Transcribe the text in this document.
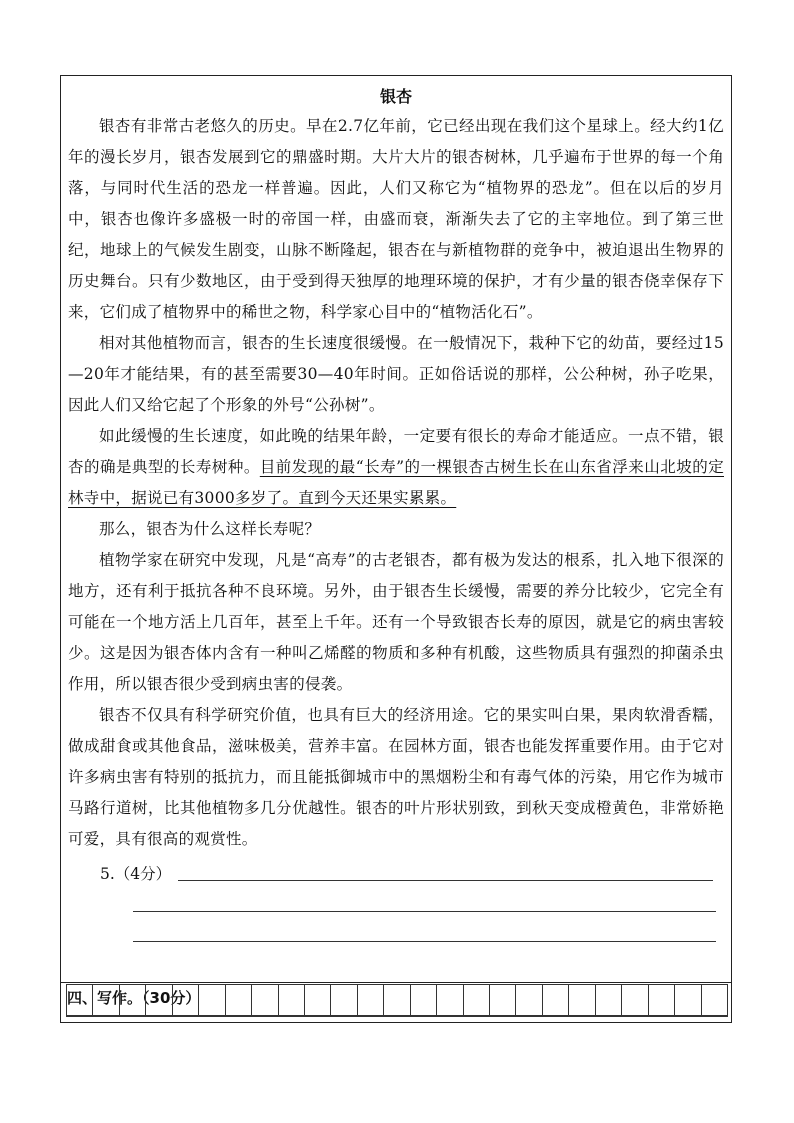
银杏

银杏有非常古老悠久的历史。早在2.7亿年前，它已经出现在我们这个星球上。经大约1亿年的漫长岁月，银杏发展到它的鼎盛时期。大片大片的银杏树林，几乎遍布于世界的每一个角落，与同时代生活的恐龙一样普遍。因此，人们又称它为“植物界的恐龙”。但在以后的岁月中，银杏也像许多盛极一时的帝国一样，由盛而衰，渐渐失去了它的主宰地位。到了第三世纪，地球上的气候发生剧变，山脉不断隆起，银杏在与新植物群的竞争中，被迫退出生物界的历史舞台。只有少数地区，由于受到得天独厚的地理环境的保护，才有少量的银杏侥幸保存下来，它们成了植物界中的稀世之物，科学家心目中的“植物活化石”。

相对其他植物而言，银杏的生长速度很缓慢。在一般情况下，栽种下它的幼苗，要经过15—20年才能结果，有的甚至需要30—40年时间。正如俗话说的那样，公公种树，孙子吃果，因此人们又给它起了个形象的外号“公孙树”。

如此缓慢的生长速度，如此晚的结果年龄，一定要有很长的寿命才能适应。一点不错，银杏的确是典型的长寿树种。目前发现的最“长寿”的一棵银杏古树生长在山东省浮来山北坡的定林寺中，据说已有3000多岁了。直到今天还果实累累。

那么，银杏为什么这样长寿呢？

植物学家在研究中发现，凡是“高寿”的古老银杏，都有极为发达的根系，扎入地下很深的地方，还有利于抵抗各种不良环境。另外，由于银杏生长缓慢，需要的养分比较少，它完全有可能在一个地方活上几百年，甚至上千年。还有一个导致银杏长寿的原因，就是它的病虫害较少。这是因为银杏体内含有一种叫乙烯醛的物质和多种有机酸，这些物质具有强烈的抑菌杀虫作用，所以银杏很少受到病虫害的侵袭。

银杏不仅具有科学研究价值，也具有巨大的经济用途。它的果实叫白果，果肉软滑香糯，做成甜食或其他食品，滋味极美，营养丰富。在园林方面，银杏也能发挥重要作用。由于它对许多病虫害有特别的抵抗力，而且能抵御城市中的黑烟粉尘和有毒气体的污染，用它作为城市马路行道树，比其他植物多几分优越性。银杏的叶片形状别致，到秋天变成橙黄色，非常娇艳可爱，具有很高的观赏性。

5.（4分）
四、写作。（30分）
